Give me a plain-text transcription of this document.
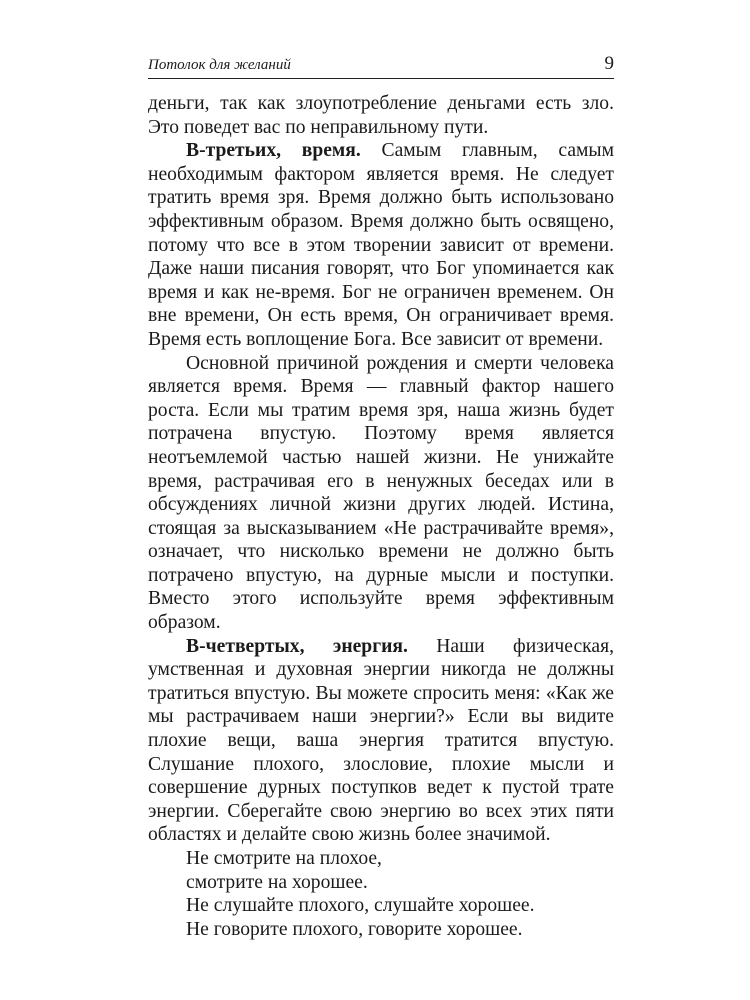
Потолок для желаний	9

деньги, так как злоупотребление деньгами есть зло. Это поведет вас по неправильному пути.

В-третьих, время. Самым главным, самым необходимым фактором является время. Не следует тратить время зря. Время должно быть использовано эффективным образом. Время должно быть освящено, потому что все в этом творении зависит от времени. Даже наши писания говорят, что Бог упоминается как время и как не-время. Бог не ограничен временем. Он вне времени, Он есть время, Он ограничивает время. Время есть воплощение Бога. Все зависит от времени.

Основной причиной рождения и смерти человека является время. Время — главный фактор нашего роста. Если мы тратим время зря, наша жизнь будет потрачена впустую. Поэтому время является неотъемлемой частью нашей жизни. Не унижайте время, растрачивая его в ненужных беседах или в обсуждениях личной жизни других людей. Истина, стоящая за высказыванием «Не растрачивайте время», означает, что нисколько времени не должно быть потрачено впустую, на дурные мысли и поступки. Вместо этого используйте время эффективным образом.

В-четвертых, энергия. Наши физическая, умственная и духовная энергии никогда не должны тратиться впустую. Вы можете спросить меня: «Как же мы растрачиваем наши энергии?» Если вы видите плохие вещи, ваша энергия тратится впустую. Слушание плохого, злословие, плохие мысли и совершение дурных поступков ведет к пустой трате энергии. Сберегайте свою энергию во всех этих пяти областях и делайте свою жизнь более значимой.

Не смотрите на плохое,
смотрите на хорошее.
Не слушайте плохого, слушайте хорошее.
Не говорите плохого, говорите хорошее.
